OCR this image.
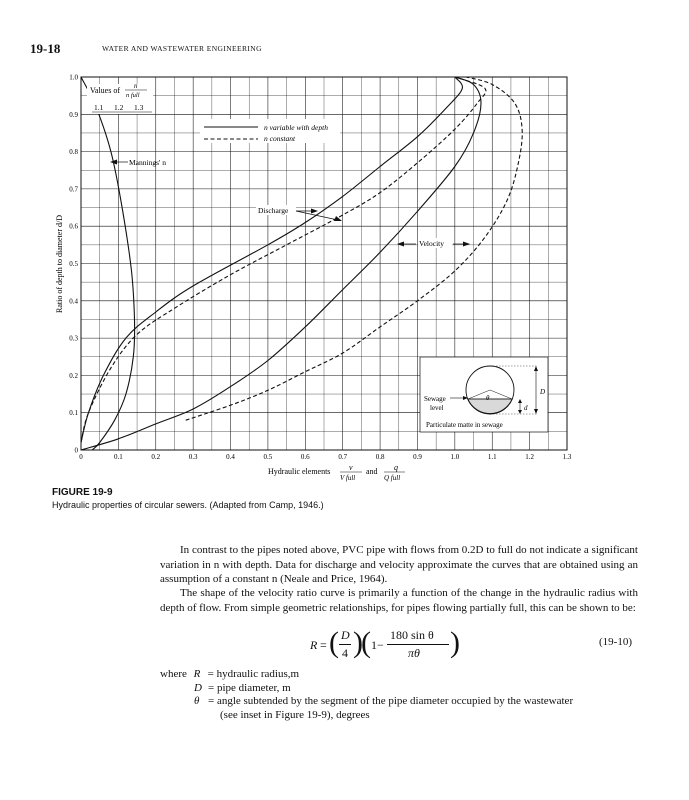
19-18	WATER AND WASTEWATER ENGINEERING
0	0.1	0.2	0.3	0.4	0.5	0.6	0.7	0.8	0.9	1.0	1.1	1.2	1.3
0
0.1
0.2
0.3
0.4
0.5
0.6
0.7
0.8
0.9
1.0
Ratio of depth to diameter d/D
Hydraulic elements v
V full
and q
Q full
Values of n
n full
1.1 1.2 1.3
Mannings' n
n variable with depth
n constant
Discharge
Velocity
θ
D
d
Sewage
level
Particulate matte in sewage
FIGURE 19-9
Hydraulic properties of circular sewers. (Adapted from Camp, 1946.)
In contrast to the pipes noted above, PVC pipe with flows from 0.2D to full do not indicate a significant variation in n with depth. Data for discharge and velocity approximate the curves that are obtained using an assumption of a constant n (Neale and Price, 1964).
The shape of the velocity ratio curve is primarily a function of the change in the hydraulic radius with depth of flow. From simple geometric relationships, for pipes flowing partially full, this can be shown to be:
R = ( D
4 )
( 1−
180 sin θ
πθ )	(19-10)
where R = hydraulic radius,m
D = pipe diameter, m
θ = angle subtended by the segment of the pipe diameter occupied by the wastewater
(see inset in Figure 19-9), degrees
